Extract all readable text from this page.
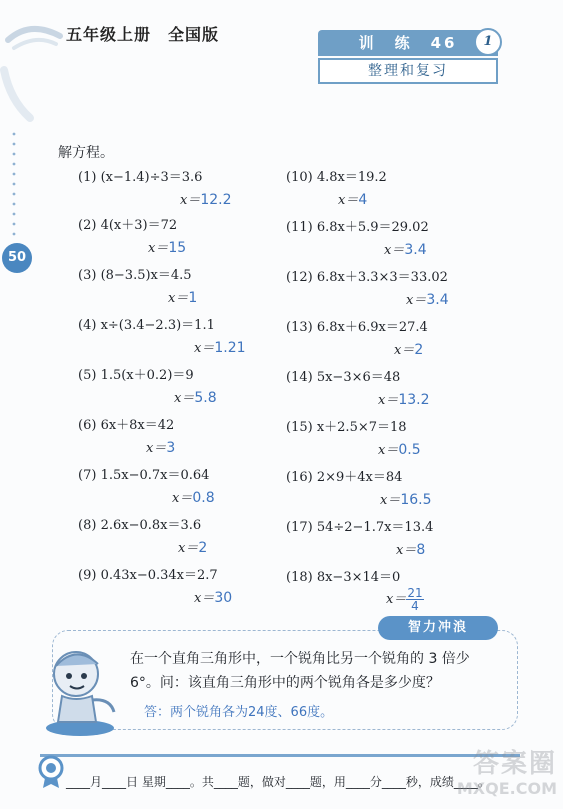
五年级上册　全国版	训　练　46	1
整理和复习
50
解方程。
(1) (x−1.4)÷3＝3.6
x＝12.2
(2) 4(x＋3)＝72
x＝15
(3) (8−3.5)x＝4.5
x＝1
(4) x÷(3.4−2.3)＝1.1
x＝1.21
(5) 1.5(x＋0.2)＝9
x＝5.8
(6) 6x＋8x＝42
x＝3
(7) 1.5x−0.7x＝0.64
x＝0.8
(8) 2.6x−0.8x＝3.6
x＝2
(9) 0.43x−0.34x＝2.7
x＝30
(10) 4.8x＝19.2
x＝4
(11) 6.8x＋5.9＝29.02
x＝3.4
(12) 6.8x＋3.3×3＝33.02
x＝3.4
(13) 6.8x＋6.9x＝27.4
x＝2
(14) 5x−3×6＝48
x＝13.2
(15) x＋2.5×7＝18
x＝0.5
(16) 2×9＋4x＝84
x＝16.5
(17) 54÷2−1.7x＝13.4
x＝8
(18) 8x−3×14＝0
$x= \frac{21}{4}$
智力冲浪
在一个直角三角形中，一个锐角比另一个锐角的 3 倍少 6°。问：该直角三角形中的两个锐角各是多少度？
答：两个锐角各为24度、66度。
____月____日 星期____。共____题，做对____题，用____分____秒，成绩____。
答案圈
MXQE.COM
